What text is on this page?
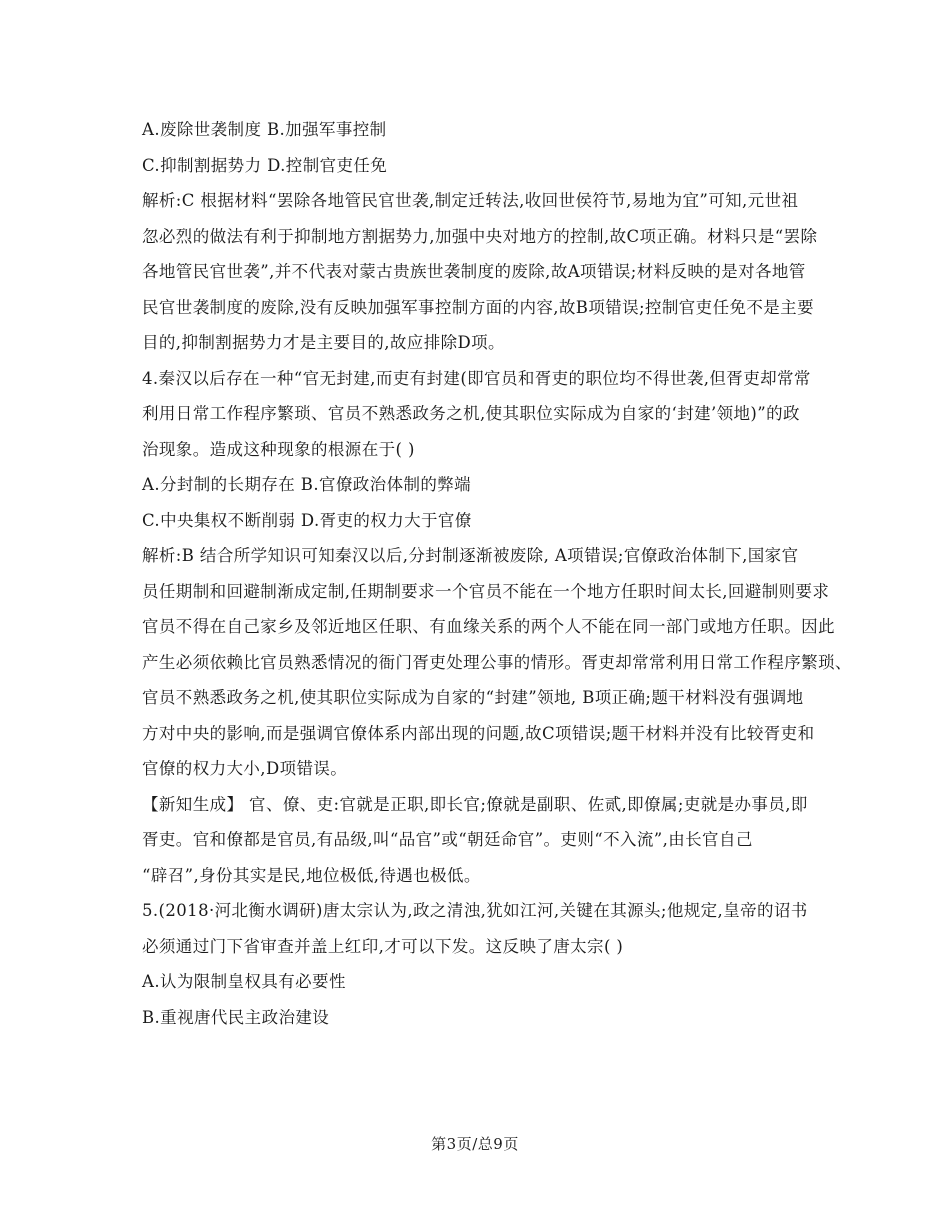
A.废除世袭制度 B.加强军事控制
C.抑制割据势力 D.控制官吏任免
解析:C 根据材料“罢除各地管民官世袭,制定迁转法,收回世侯符节,易地为宜”可知,元世祖
忽必烈的做法有利于抑制地方割据势力,加强中央对地方的控制,故C项正确。材料只是“罢除
各地管民官世袭”,并不代表对蒙古贵族世袭制度的废除,故A项错误;材料反映的是对各地管
民官世袭制度的废除,没有反映加强军事控制方面的内容,故B项错误;控制官吏任免不是主要
目的,抑制割据势力才是主要目的,故应排除D项。
4.秦汉以后存在一种“官无封建,而吏有封建(即官员和胥吏的职位均不得世袭,但胥吏却常常
利用日常工作程序繁琐、官员不熟悉政务之机,使其职位实际成为自家的‘封建’领地)”的政
治现象。造成这种现象的根源在于( )
A.分封制的长期存在 B.官僚政治体制的弊端
C.中央集权不断削弱 D.胥吏的权力大于官僚
解析:B 结合所学知识可知秦汉以后,分封制逐渐被废除, A项错误;官僚政治体制下,国家官
员任期制和回避制渐成定制,任期制要求一个官员不能在一个地方任职时间太长,回避制则要求
官员不得在自己家乡及邻近地区任职、有血缘关系的两个人不能在同一部门或地方任职。因此
产生必须依赖比官员熟悉情况的衙门胥吏处理公事的情形。胥吏却常常利用日常工作程序繁琐、
官员不熟悉政务之机,使其职位实际成为自家的“封建”领地, B项正确;题干材料没有强调地
方对中央的影响,而是强调官僚体系内部出现的问题,故C项错误;题干材料并没有比较胥吏和
官僚的权力大小,D项错误。
【新知生成】 官、僚、吏:官就是正职,即长官;僚就是副职、佐贰,即僚属;吏就是办事员,即
胥吏。官和僚都是官员,有品级,叫“品官”或“朝廷命官”。吏则“不入流”,由长官自己
“辟召”,身份其实是民,地位极低,待遇也极低。
5.(2018·河北衡水调研)唐太宗认为,政之清浊,犹如江河,关键在其源头;他规定,皇帝的诏书
必须通过门下省审查并盖上红印,才可以下发。这反映了唐太宗( )
A.认为限制皇权具有必要性
B.重视唐代民主政治建设
第3页/总9页
